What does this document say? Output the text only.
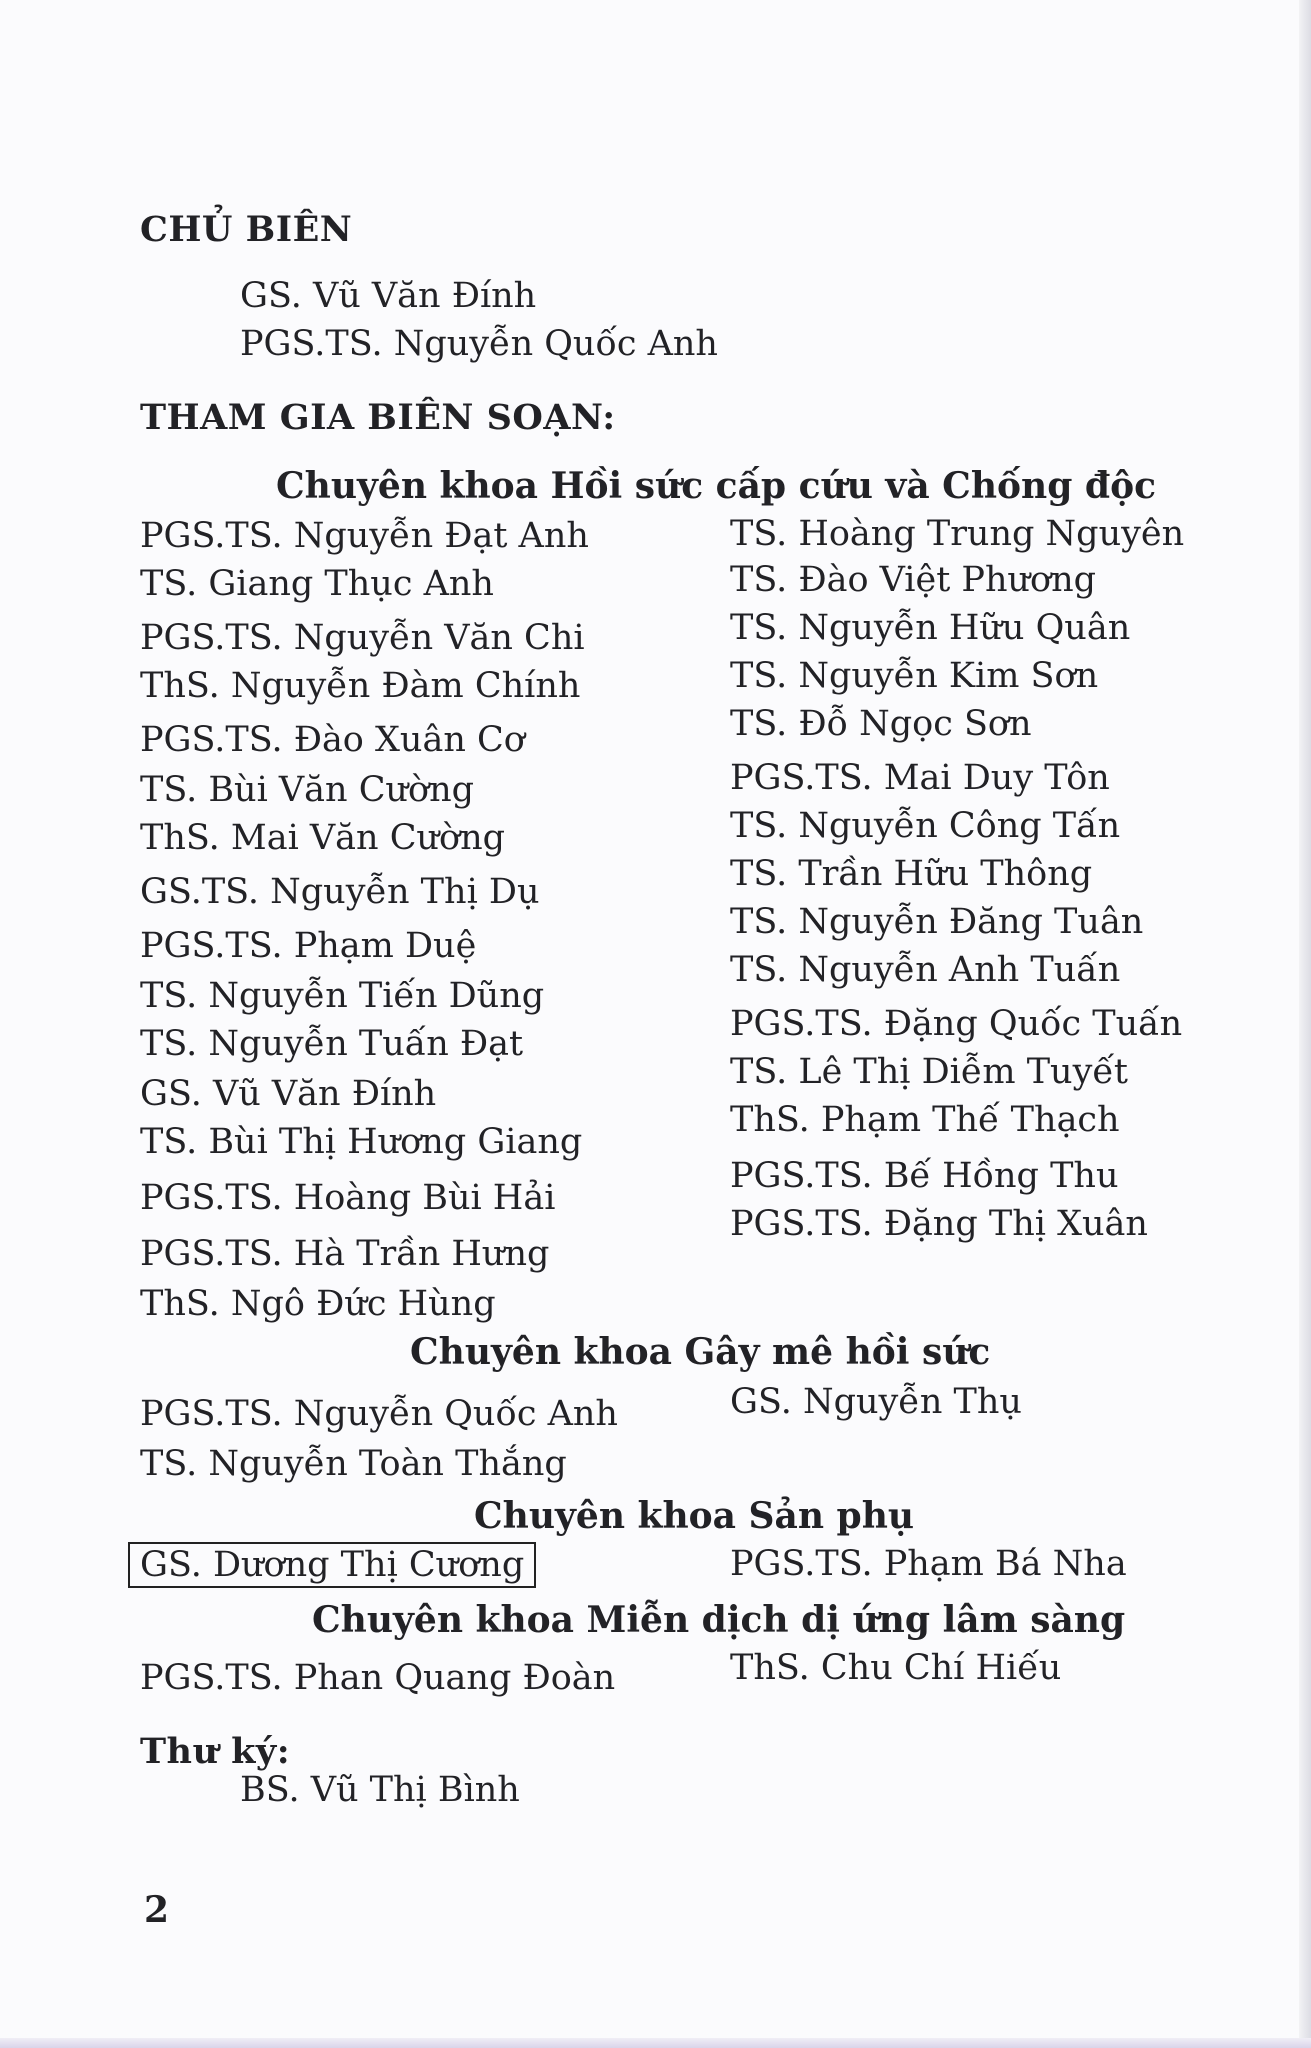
CHỦ BIÊN
GS. Vũ Văn Đính
PGS.TS. Nguyễn Quốc Anh
THAM GIA BIÊN SOẠN:
Chuyên khoa Hồi sức cấp cứu và Chống độc
PGS.TS. Nguyễn Đạt Anh
TS. Giang Thục Anh
PGS.TS. Nguyễn Văn Chi
ThS. Nguyễn Đàm Chính
PGS.TS. Đào Xuân Cơ
TS. Bùi Văn Cường
ThS. Mai Văn Cường
GS.TS. Nguyễn Thị Dụ
PGS.TS. Phạm Duệ
TS. Nguyễn Tiến Dũng
TS. Nguyễn Tuấn Đạt
GS. Vũ Văn Đính
TS. Bùi Thị Hương Giang
PGS.TS. Hoàng Bùi Hải
PGS.TS. Hà Trần Hưng
ThS. Ngô Đức Hùng
TS. Hoàng Trung Nguyên
TS. Đào Việt Phương
TS. Nguyễn Hữu Quân
TS. Nguyễn Kim Sơn
TS. Đỗ Ngọc Sơn
PGS.TS. Mai Duy Tôn
TS. Nguyễn Công Tấn
TS. Trần Hữu Thông
TS. Nguyễn Đăng Tuân
TS. Nguyễn Anh Tuấn
PGS.TS. Đặng Quốc Tuấn
TS. Lê Thị Diễm Tuyết
ThS. Phạm Thế Thạch
PGS.TS. Bế Hồng Thu
PGS.TS. Đặng Thị Xuân
Chuyên khoa Gây mê hồi sức
PGS.TS. Nguyễn Quốc Anh
TS. Nguyễn Toàn Thắng
GS. Nguyễn Thụ
Chuyên khoa Sản phụ
GS. Dương Thị Cương	PGS.TS. Phạm Bá Nha
Chuyên khoa Miễn dịch dị ứng lâm sàng
PGS.TS. Phan Quang Đoàn	ThS. Chu Chí Hiếu
Thư ký:
BS. Vũ Thị Bình
2
